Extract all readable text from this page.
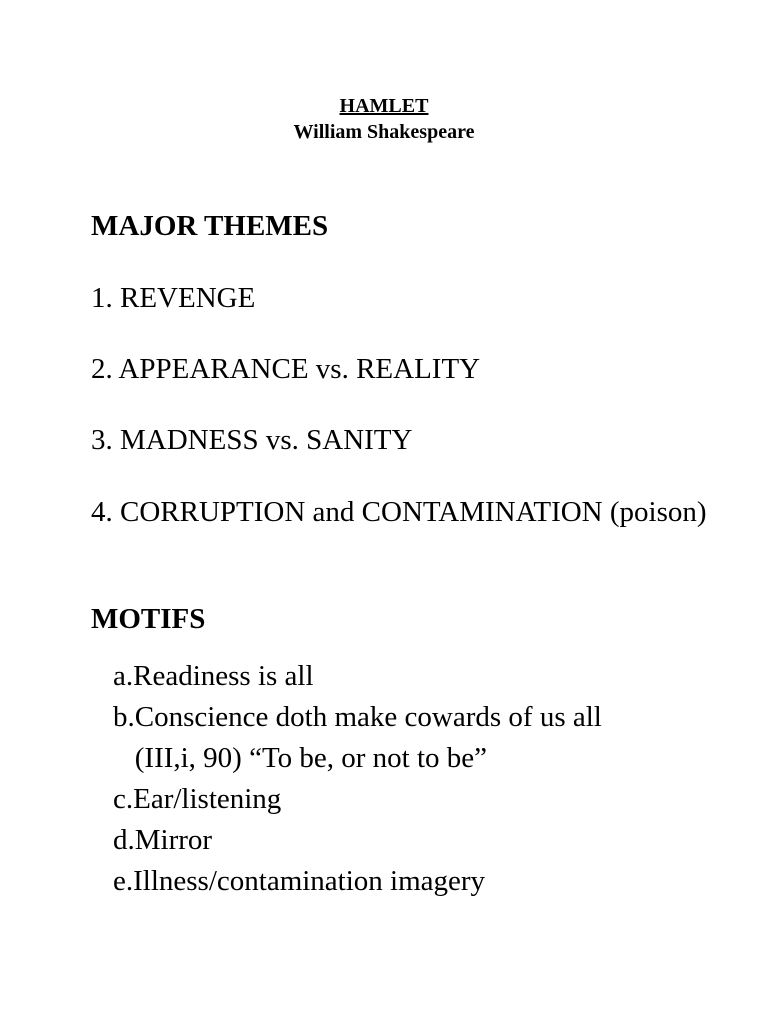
HAMLET
William Shakespeare
MAJOR THEMES

1. REVENGE

2. APPEARANCE vs. REALITY

3. MADNESS vs. SANITY

4. CORRUPTION and CONTAMINATION (poison)

MOTIFS
a. Readiness is all
b. Conscience doth make cowards of us all
(III,i, 90) “To be, or not to be”
c. Ear/listening
d. Mirror
e. Illness/contamination imagery
